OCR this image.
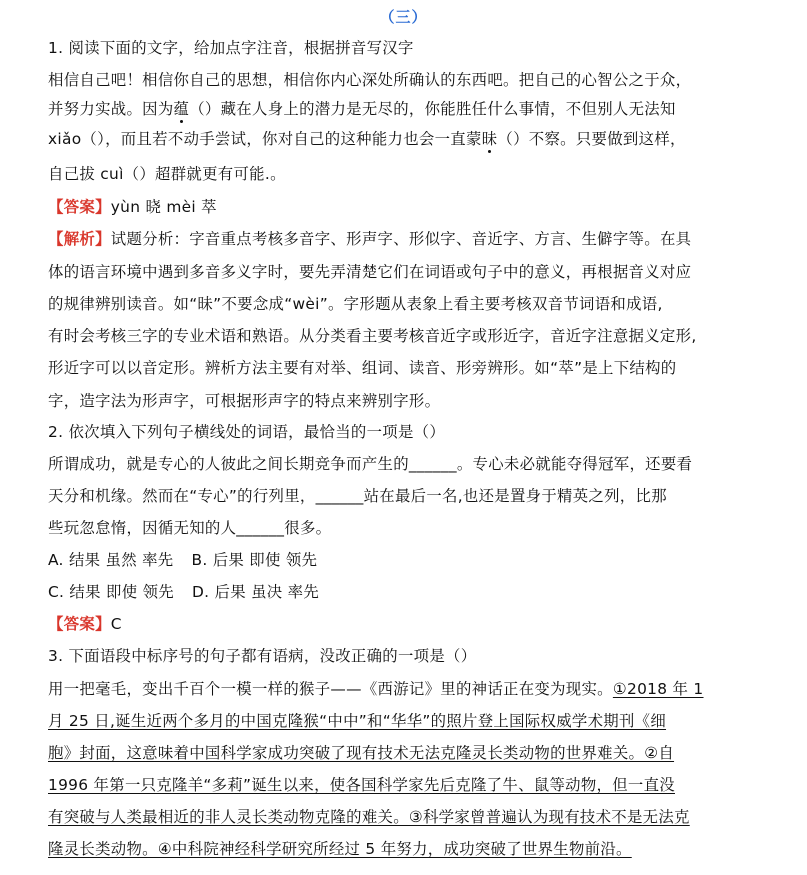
（三）
1. 阅读下面的文字，给加点字注音，根据拼音写汉字
相信自己吧！相信你自己的思想，相信你内心深处所确认的东西吧。把自己的心智公之于众，
并努力实战。因为蕴（）藏在人身上的潜力是无尽的，你能胜任什么事情，不但别人无法知
xiǎo（），而且若不动手尝试，你对自己的这种能力也会一直蒙昧（）不察。只要做到这样，
自己拔 cuì（）超群就更有可能.。
【答案】yùn 晓 mèi 萃
【解析】试题分析：字音重点考核多音字、形声字、形似字、音近字、方言、生僻字等。在具
体的语言环境中遇到多音多义字时，要先弄清楚它们在词语或句子中的意义，再根据音义对应
的规律辨别读音。如“昧”不要念成“wèi”。字形题从表象上看主要考核双音节词语和成语,
有时会考核三字的专业术语和熟语。从分类看主要考核音近字或形近字，音近字注意据义定形,
形近字可以以音定形。辨析方法主要有对举、组词、读音、形旁辨形。如“萃”是上下结构的
字，造字法为形声字，可根据形声字的特点来辨别字形。
2. 依次填入下列句子横线处的词语，最恰当的一项是（）
所谓成功，就是专心的人彼此之间长期竞争而产生的______。专心未必就能夺得冠军，还要看
天分和机缘。然而在“专心”的行列里，______站在最后一名,也还是置身于精英之列，比那
些玩忽怠惰，因循无知的人______很多。
A. 结果 虽然 率先 B. 后果 即使 领先
C. 结果 即使 领先 D. 后果 虽决 率先
【答案】C
3. 下面语段中标序号的句子都有语病，没改正确的一项是（）
用一把毫毛，变出千百个一模一样的猴子——《西游记》里的神话正在变为现实。①2018 年 1
月 25 日,诞生近两个多月的中国克隆猴“中中”和“华华”的照片登上国际权威学术期刊《细
胞》封面，这意味着中国科学家成功突破了现有技术无法克隆灵长类动物的世界难关。②自
1996 年第一只克隆羊“多莉”诞生以来，使各国科学家先后克隆了牛、鼠等动物，但一直没
有突破与人类最相近的非人灵长类动物克隆的难关。③科学家曾普遍认为现有技术不是无法克
隆灵长类动物。④中科院神经科学研究所经过 5 年努力，成功突破了世界生物前沿。
